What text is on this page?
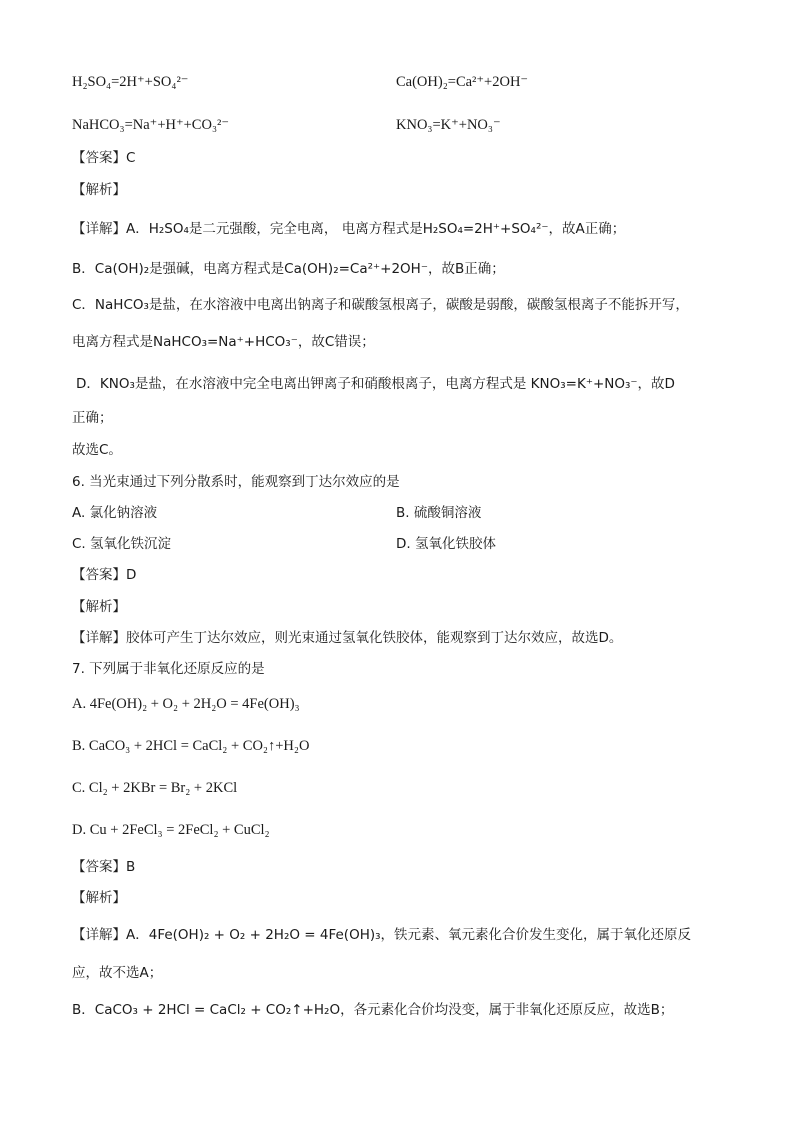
H₂SO₄=2H⁺+SO₄²⁻	Ca(OH)₂=Ca²⁺+2OH⁻
NaHCO₃=Na⁺+H⁺+CO₃²⁻	KNO₃=K⁺+NO₃⁻
【答案】C
【解析】
【详解】A．H₂SO₄是二元强酸，完全电离， 电离方程式是H₂SO₄=2H⁺+SO₄²⁻，故A正确；
B．Ca(OH)₂是强碱，电离方程式是Ca(OH)₂=Ca²⁺+2OH⁻，故B正确；
C．NaHCO₃是盐，在水溶液中电离出钠离子和碳酸氢根离子，碳酸是弱酸，碳酸氢根离子不能拆开写，
电离方程式是NaHCO₃=Na⁺+HCO₃⁻，故C错误；
D．KNO₃是盐，在水溶液中完全电离出钾离子和硝酸根离子，电离方程式是 KNO₃=K⁺+NO₃⁻，故D
正确；
故选C。
6. 当光束通过下列分散系时，能观察到丁达尔效应的是
A. 氯化钠溶液	B. 硫酸铜溶液
C. 氢氧化铁沉淀	D. 氢氧化铁胶体
【答案】D
【解析】
【详解】胶体可产生丁达尔效应，则光束通过氢氧化铁胶体，能观察到丁达尔效应，故选D。
7. 下列属于非氧化还原反应的是
A. 4Fe(OH)₂ + O₂ + 2H₂O = 4Fe(OH)₃
B. CaCO₃ + 2HCl = CaCl₂ + CO₂↑+H₂O
C. Cl₂ + 2KBr = Br₂ + 2KCl
D. Cu + 2FeCl₃ = 2FeCl₂ + CuCl₂
【答案】B
【解析】
【详解】A．4Fe(OH)₂ + O₂ + 2H₂O = 4Fe(OH)₃，铁元素、氧元素化合价发生变化，属于氧化还原反
应，故不选A；
B．CaCO₃ + 2HCl = CaCl₂ + CO₂↑+H₂O，各元素化合价均没变，属于非氧化还原反应，故选B；
